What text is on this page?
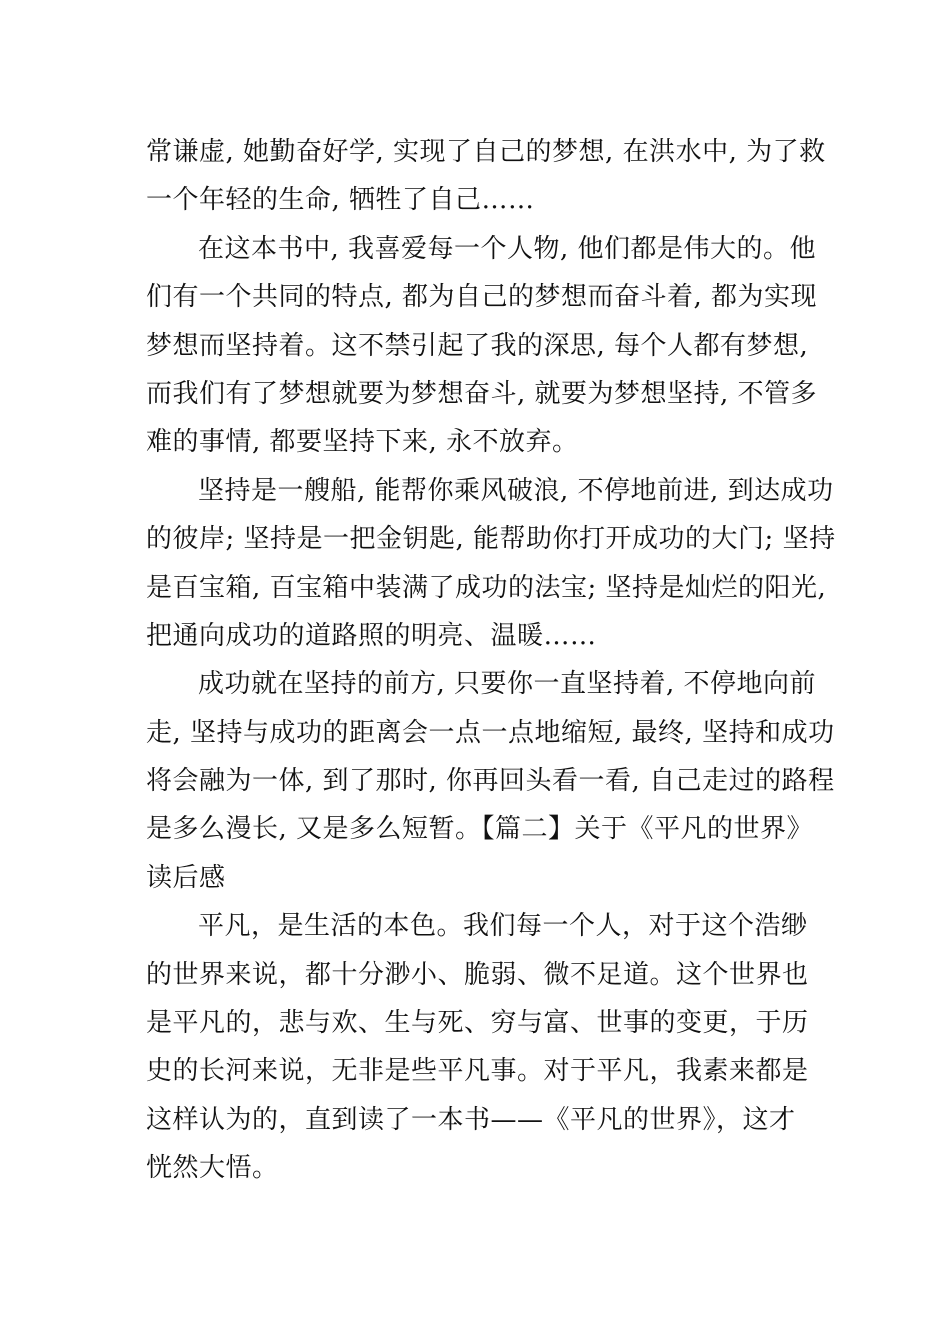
常谦虚, 她勤奋好学, 实现了自己的梦想, 在洪水中, 为了救
一个年轻的生命, 牺牲了自己……
在这本书中, 我喜爱每一个人物, 他们都是伟大的。他
们有一个共同的特点, 都为自己的梦想而奋斗着, 都为实现
梦想而坚持着。这不禁引起了我的深思, 每个人都有梦想,
而我们有了梦想就要为梦想奋斗, 就要为梦想坚持, 不管多
难的事情, 都要坚持下来, 永不放弃。
坚持是一艘船, 能帮你乘风破浪, 不停地前进, 到达成功
的彼岸; 坚持是一把金钥匙, 能帮助你打开成功的大门; 坚持
是百宝箱, 百宝箱中装满了成功的法宝; 坚持是灿烂的阳光,
把通向成功的道路照的明亮、温暖……
成功就在坚持的前方, 只要你一直坚持着, 不停地向前
走, 坚持与成功的距离会一点一点地缩短, 最终, 坚持和成功
将会融为一体, 到了那时, 你再回头看一看, 自己走过的路程
是多么漫长, 又是多么短暂。【篇二】关于《平凡的世界》
读后感
平凡，是生活的本色。我们每一个人，对于这个浩缈
的世界来说，都十分渺小、脆弱、微不足道。这个世界也
是平凡的，悲与欢、生与死、穷与富、世事的变更，于历
史的长河来说，无非是些平凡事。对于平凡，我素来都是
这样认为的，直到读了一本书——《平凡的世界》，这才
恍然大悟。
